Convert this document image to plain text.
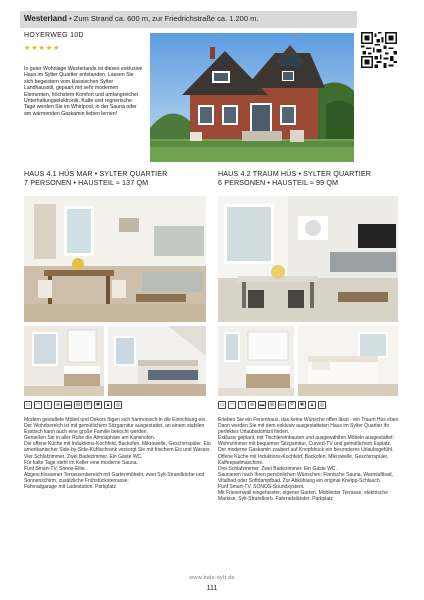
Westerland • Zum Strand ca. 600 m, zur Friedrichstraße ca. 1.200 m.
HOYERWEG 10D
★★★★★
In guter Wohnlage Westerlands ist dieses exklusive Haus im Sylter Quartier entstanden. Lassen Sie sich begeistern vom klassischen Sylter Landhausstil, gepaart mit sehr modernen Elementen, höchstem Komfort und umfangreicher Unterhaltungselektronik. Kalte und regnerische Tage werden Sie im Whirlpool, in der Sauna oder am wärmenden Gaskamin lieben lernen!
HAUS 4.1 HÜS MAR • SYLTER QUARTIER
7 PERSONEN • HAUSTEIL ≈ 137 QM
HAUS 4.2 TRAUM HÜS • SYLTER QUARTIER
6 PERSONEN • HAUSTEIL ≈ 99 QM
▭	◠	⌇	≋	▬	⊞	P	✱	▲	◎	▭	◠	⌇	≋	▬	⊞	360° P	✱	▲	◎

Modern gestaltete Möbel und Dekors fügen sich harmonisch in die Einrichtung ein. Der Wohnbereich ist mit gemütlichem Sitzgarnitur ausgestattet, an einem stabilen Esstisch kann auch eine große Familie bekocht werden.

Genießen Sie in aller Ruhe die Atmosphäre am Kaminofen.

Die offene Küche mit Induktions-Kochfeld, Backofen, Mikrowelle, Geschirrspüler. Ein amerikanischer Side-by-Side-Kühlschrank versorgt Sie mit frischem Eis und Wasser.

Vier Schlafzimmer. Zwei Badezimmer. Ein Gäste WC.

Für kalte Tage steht im Keller eine moderne Sauna.

Fünf Smart-TV, Sonos-Elite.

Abgeschlossener Terrassenbereich mit Gartenmöbeln, zwei Sylt-Strandkörbe und Sonnenschirm, zusätzliche Frühstücksterrasse.

Fahrradgarage mit Ladestation. Parkplatz

Erleben Sie ein Ferienhaus, das keine Wünsche offen lässt - ein Traum Hüs eben. Dann werden Sie mit dem exklusiv ausgestatteten Haus im Sylter Quartier ihr perfektes Urlaubsdomizil finden.

Exklusiv geplant, mit Tischlereinbauten und ausgewählten Möbeln ausgestattet: Wohnzimmer mit bequemer Sitzgarnitur, Curved-TV und gemütlichem Esplatz. Der moderne Gaskamin zaubert auf Knopfdruck ein besonderes Urlaubsgefühl.

Offene Küche mit Induktions-Kochfeld, Backofen, Mikrowelle, Geschirrspüler, Kaffeepadmaschine.

Drei Schlafzimmer. Zwei Badezimmer. Ein Gäste WC.

Saunieren nach Ihren persönlichen Wünschen: Finnische Sauna, Warmluftbad, Vitalbad oder Softdampfbad. Zur Abkühlung ein original Kneipp-Schlauch.

Fünf Smart-TV, SONOS-Soundsystem.

Mit Friesenwall eingefasster, eigener Garten. Möblierter Terrasse, elektrische Markise, Sylt-Strandkorb. Fahrradständer. Parkplatz

www.bals-sylt.de
111
